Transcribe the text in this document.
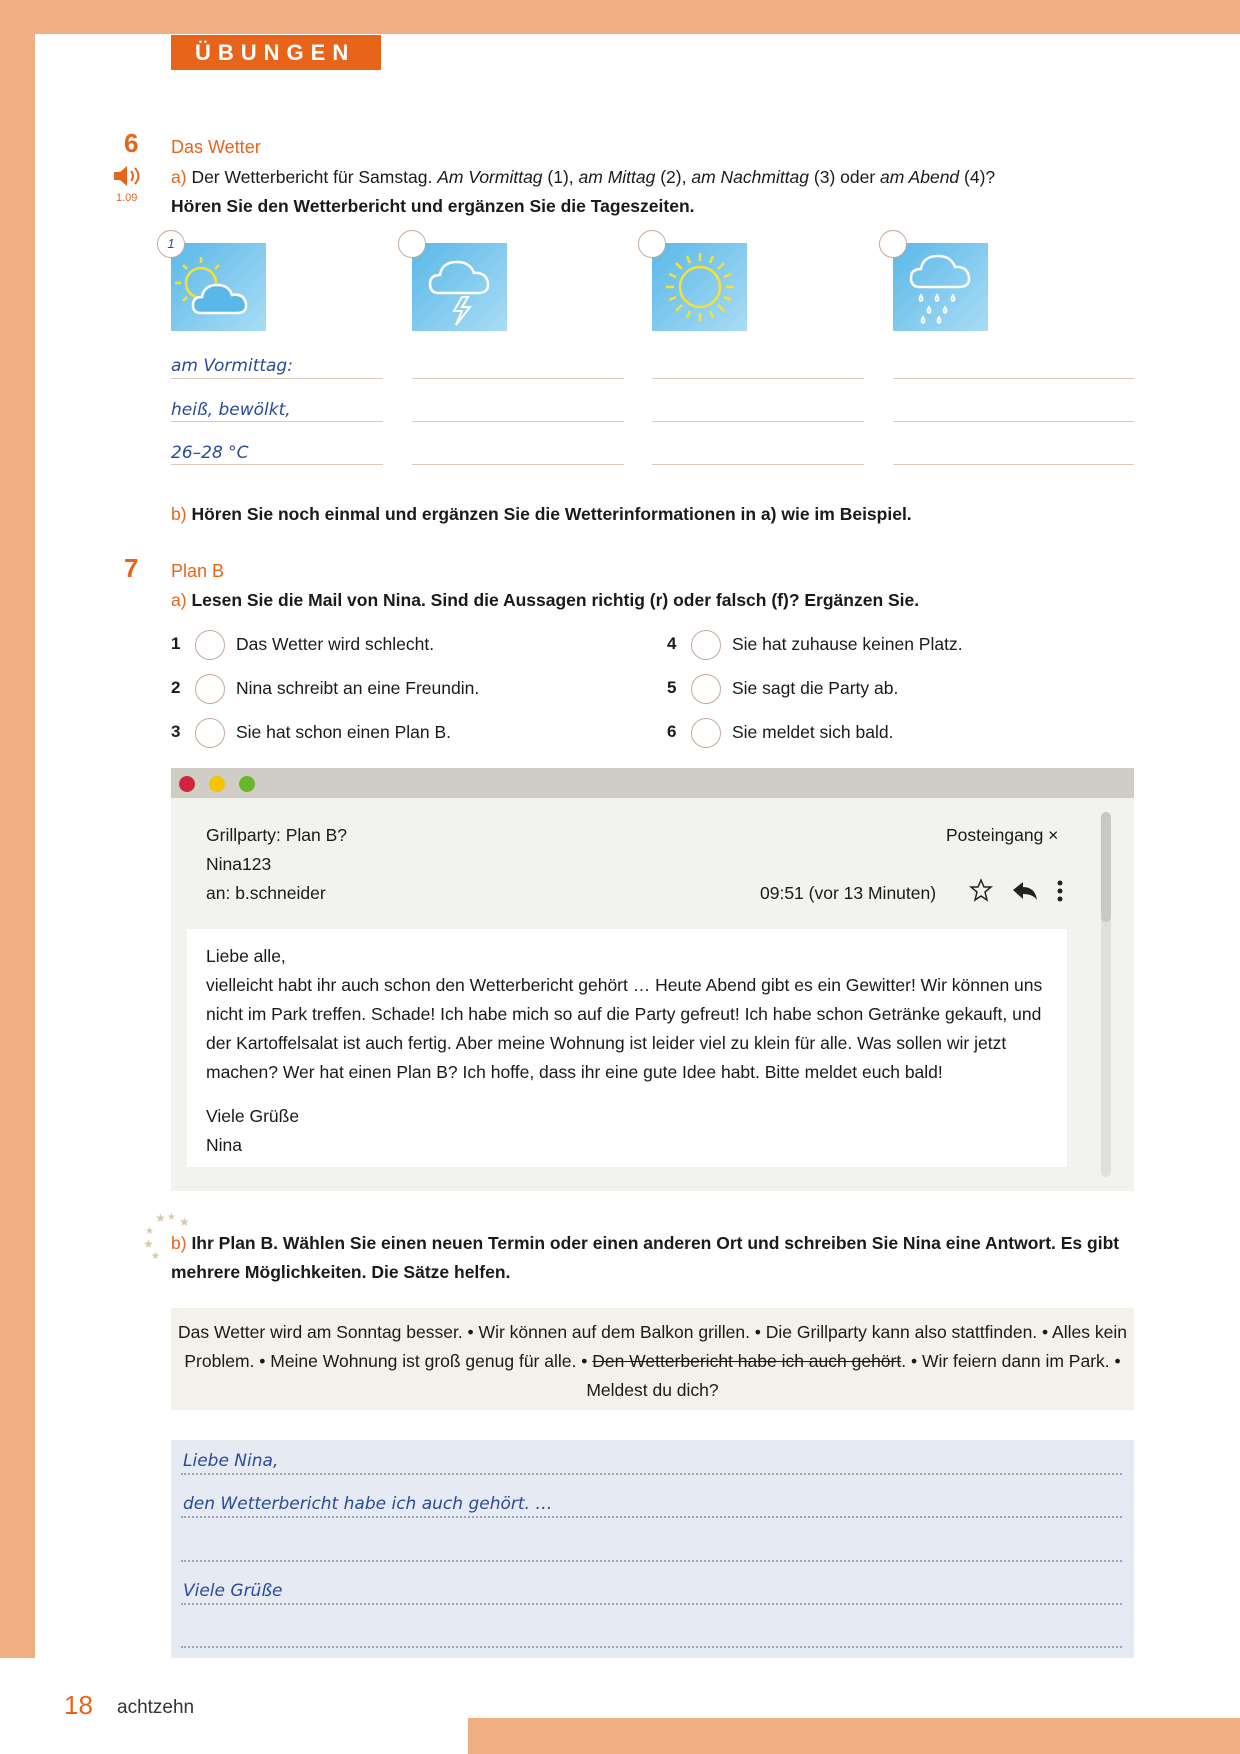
ÜBUNGEN
6 Das Wetter
1.09
a) Der Wetterbericht für Samstag. Am Vormittag (1), am Mittag (2), am Nachmittag (3) oder am Abend (4)?
Hören Sie den Wetterbericht und ergänzen Sie die Tageszeiten.
1
am Vormittag:
heiß, bewölkt,
26–28 °C
b) Hören Sie noch einmal und ergänzen Sie die Wetterinformationen in a) wie im Beispiel.
7 Plan B
a) Lesen Sie die Mail von Nina. Sind die Aussagen richtig (r) oder falsch (f)? Ergänzen Sie.
1	Das Wetter wird schlecht.
2	Nina schreibt an eine Freundin.
3	Sie hat schon einen Plan B.
4	Sie hat zuhause keinen Platz.
5	Sie sagt die Party ab.
6	Sie meldet sich bald.
Grillparty: Plan B?
Nina123
an: b.schneider
Posteingang ×
09:51 (vor 13 Minuten)
Liebe alle,
vielleicht habt ihr auch schon den Wetterbericht gehört … Heute Abend gibt es ein Gewitter! Wir können uns nicht im Park treffen. Schade! Ich habe mich so auf die Party gefreut! Ich habe schon Getränke gekauft, und der Kartoffelsalat ist auch fertig. Aber meine Wohnung ist leider viel zu klein für alle. Was sollen wir jetzt machen? Wer hat einen Plan B? Ich hoffe, dass ihr eine gute Idee habt. Bitte meldet euch bald!
Viele Grüße
Nina
★ ★ ★
★
★
★
b) Ihr Plan B. Wählen Sie einen neuen Termin oder einen anderen Ort und schreiben Sie Nina eine Antwort. Es gibt mehrere Möglichkeiten. Die Sätze helfen.
Das Wetter wird am Sonntag besser. • Wir können auf dem Balkon grillen. • Die Grillparty kann also stattfinden. • Alles kein Problem. • Meine Wohnung ist groß genug für alle. • Den Wetterbericht habe ich auch gehört. • Wir feiern dann im Park. • Meldest du dich?
Liebe Nina,
den Wetterbericht habe ich auch gehört. …
Viele Grüße
18 achtzehn
